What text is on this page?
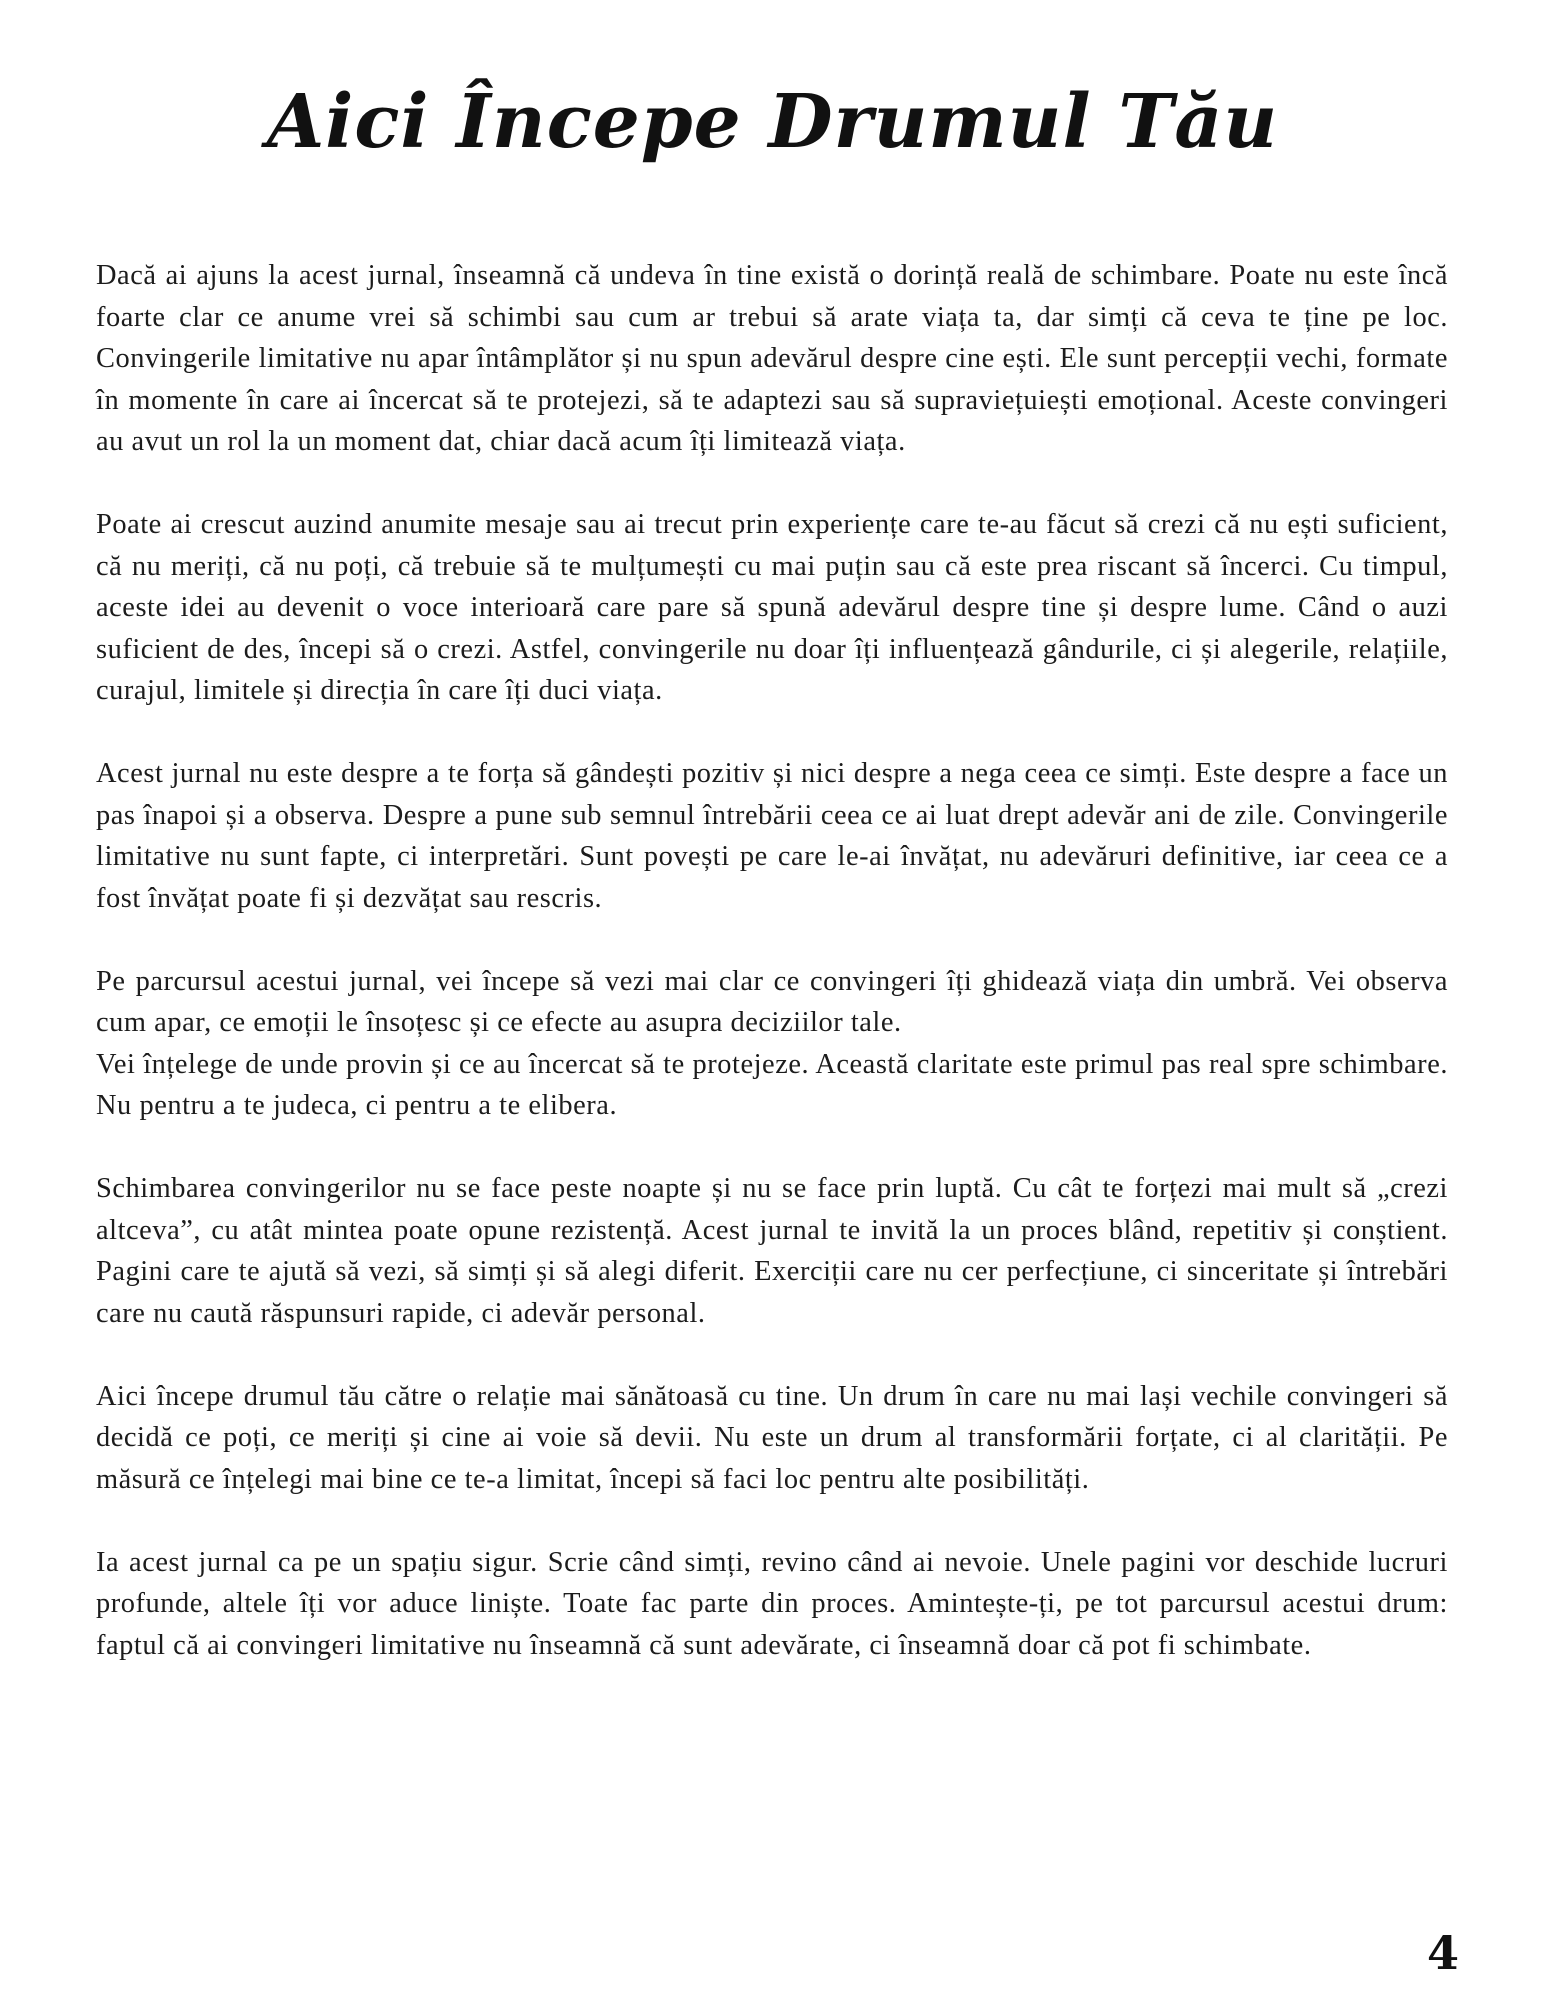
Aici Începe Drumul Tău

Dacă ai ajuns la acest jurnal, înseamnă că undeva în tine există o dorință reală de schimbare. Poate nu este încă foarte clar ce anume vrei să schimbi sau cum ar trebui să arate viața ta, dar simți că ceva te ține pe loc. Convingerile limitative nu apar întâmplător și nu spun adevărul despre cine ești. Ele sunt percepții vechi, formate în momente în care ai încercat să te protejezi, să te adaptezi sau să supraviețuiești emoțional. Aceste convingeri au avut un rol la un moment dat, chiar dacă acum îți limitează viața.

Poate ai crescut auzind anumite mesaje sau ai trecut prin experiențe care te-au făcut să crezi că nu ești suficient, că nu meriți, că nu poți, că trebuie să te mulțumești cu mai puțin sau că este prea riscant să încerci. Cu timpul, aceste idei au devenit o voce interioară care pare să spună adevărul despre tine și despre lume. Când o auzi suficient de des, începi să o crezi. Astfel, convingerile nu doar îți influențează gândurile, ci și alegerile, relațiile, curajul, limitele și direcția în care îți duci viața.

Acest jurnal nu este despre a te forța să gândești pozitiv și nici despre a nega ceea ce simți. Este despre a face un pas înapoi și a observa. Despre a pune sub semnul întrebării ceea ce ai luat drept adevăr ani de zile. Convingerile limitative nu sunt fapte, ci interpretări. Sunt povești pe care le-ai învățat, nu adevăruri definitive, iar ceea ce a fost învățat poate fi și dezvățat sau rescris.

Pe parcursul acestui jurnal, vei începe să vezi mai clar ce convingeri îți ghidează viața din umbră. Vei observa cum apar, ce emoții le însoțesc și ce efecte au asupra deciziilor tale.

Vei înțelege de unde provin și ce au încercat să te protejeze. Această claritate este primul pas real spre schimbare. Nu pentru a te judeca, ci pentru a te elibera.

Schimbarea convingerilor nu se face peste noapte și nu se face prin luptă. Cu cât te forțezi mai mult să „crezi altceva”, cu atât mintea poate opune rezistență. Acest jurnal te invită la un proces blând, repetitiv și conștient. Pagini care te ajută să vezi, să simți și să alegi diferit. Exerciții care nu cer perfecțiune, ci sinceritate și întrebări care nu caută răspunsuri rapide, ci adevăr personal.

Aici începe drumul tău către o relație mai sănătoasă cu tine. Un drum în care nu mai lași vechile convingeri să decidă ce poți, ce meriți și cine ai voie să devii. Nu este un drum al transformării forțate, ci al clarității. Pe măsură ce înțelegi mai bine ce te-a limitat, începi să faci loc pentru alte posibilități.

Ia acest jurnal ca pe un spațiu sigur. Scrie când simți, revino când ai nevoie. Unele pagini vor deschide lucruri profunde, altele îți vor aduce liniște. Toate fac parte din proces. Amintește-ți, pe tot parcursul acestui drum: faptul că ai convingeri limitative nu înseamnă că sunt adevărate, ci înseamnă doar că pot fi schimbate.

4
